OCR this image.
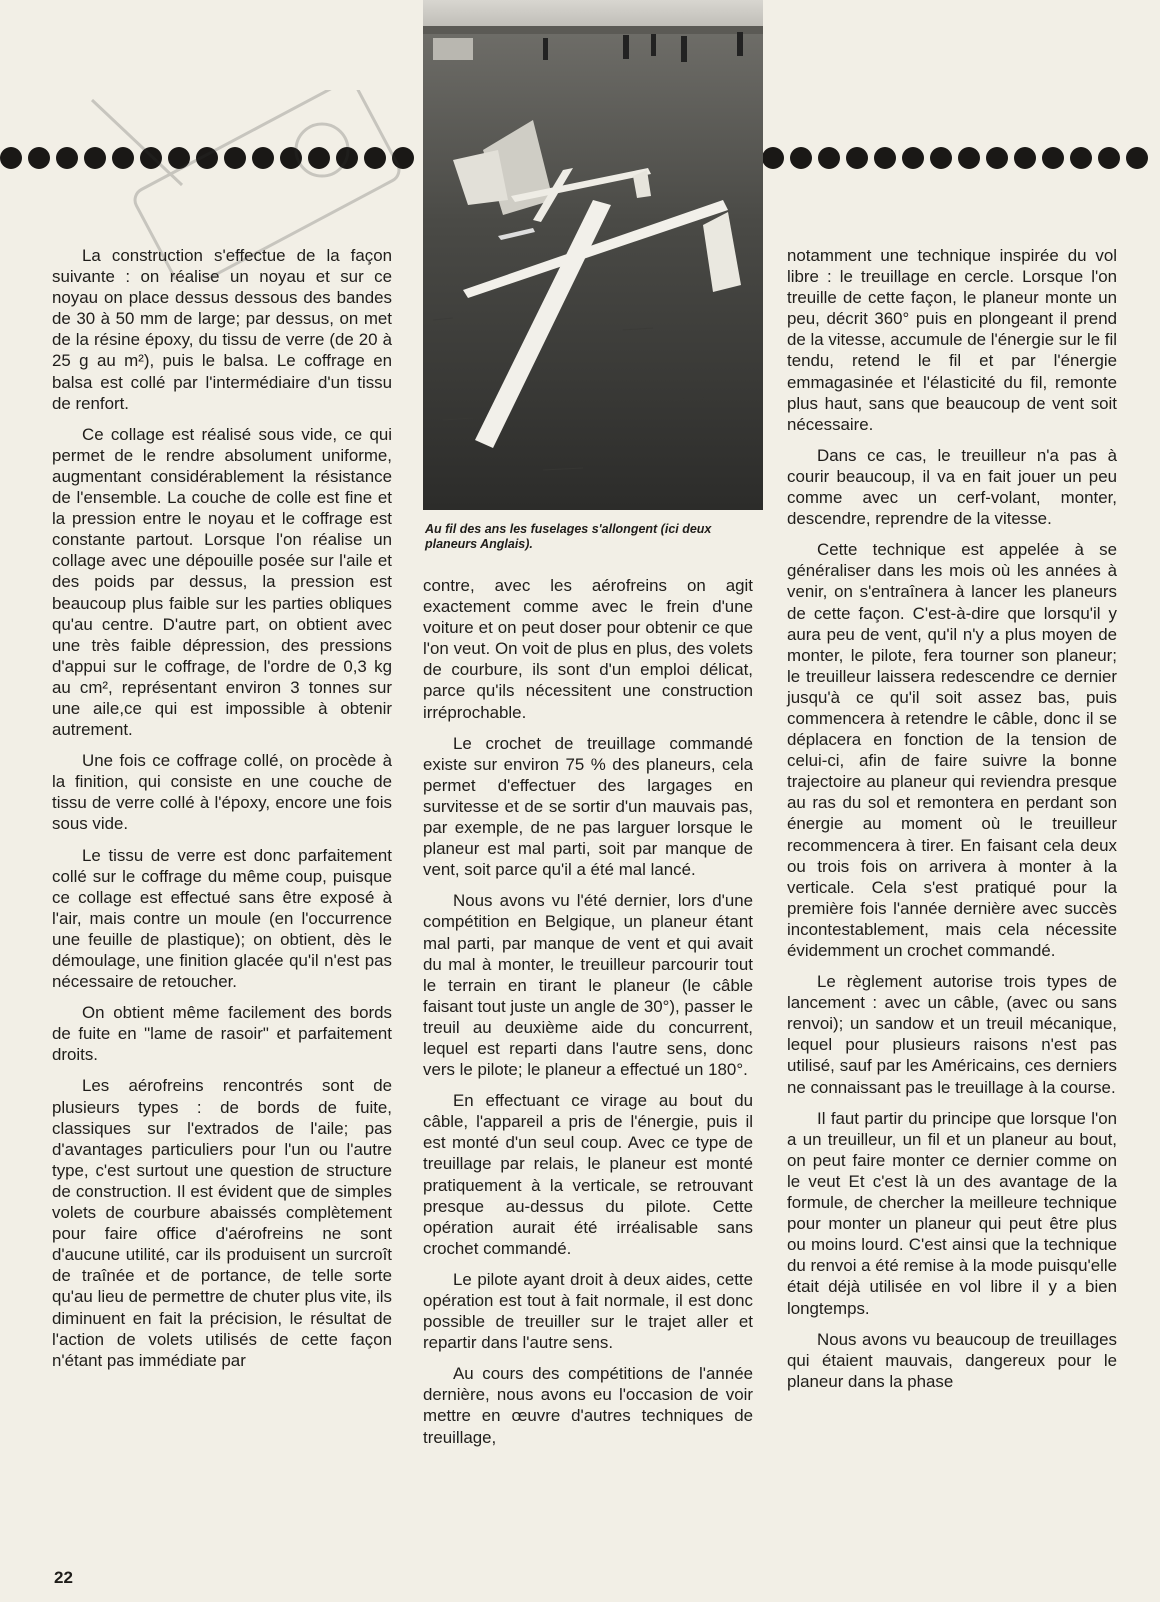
Au fil des ans les fuselages s'allongent (ici deux planeurs Anglais).

La construction s'effectue de la façon suivante : on réalise un noyau et sur ce noyau on place dessus dessous des bandes de 30 à 50 mm de large; par dessus, on met de la résine époxy, du tissu de verre (de 20 à 25 g au m²), puis le balsa. Le coffrage en balsa est collé par l'intermédiaire d'un tissu de renfort.

Ce collage est réalisé sous vide, ce qui permet de le rendre absolument uniforme, augmentant considérablement la résistance de l'ensemble. La couche de colle est fine et la pression entre le noyau et le coffrage est constante partout. Lorsque l'on réalise un collage avec une dépouille posée sur l'aile et des poids par dessus, la pression est beaucoup plus faible sur les parties obliques qu'au centre. D'autre part, on obtient avec une très faible dépression, des pressions d'appui sur le coffrage, de l'ordre de 0,3 kg au cm², représentant environ 3 tonnes sur une aile,ce qui est impossible à obtenir autrement.

Une fois ce coffrage collé, on procède à la finition, qui consiste en une couche de tissu de verre collé à l'époxy, encore une fois sous vide.

Le tissu de verre est donc parfaitement collé sur le coffrage du même coup, puisque ce collage est effectué sans être exposé à l'air, mais contre un moule (en l'occurrence une feuille de plastique); on obtient, dès le démoulage, une finition glacée qu'il n'est pas nécessaire de retoucher.

On obtient même facilement des bords de fuite en "lame de rasoir" et parfaitement droits.

Les aérofreins rencontrés sont de plusieurs types : de bords de fuite, classiques sur l'extrados de l'aile; pas d'avantages particuliers pour l'un ou l'autre type, c'est surtout une question de structure de construction. Il est évident que de simples volets de courbure abaissés complètement pour faire office d'aérofreins ne sont d'aucune utilité, car ils produisent un surcroît de traînée et de portance, de telle sorte qu'au lieu de permettre de chuter plus vite, ils diminuent en fait la précision, le résultat de l'action de volets utilisés de cette façon n'étant pas immédiate par

contre, avec les aérofreins on agit exactement comme avec le frein d'une voiture et on peut doser pour obtenir ce que l'on veut. On voit de plus en plus, des volets de courbure, ils sont d'un emploi délicat, parce qu'ils nécessitent une construction irréprochable.

Le crochet de treuillage commandé existe sur environ 75 % des planeurs, cela permet d'effectuer des largages en survitesse et de se sortir d'un mauvais pas, par exemple, de ne pas larguer lorsque le planeur est mal parti, soit par manque de vent, soit parce qu'il a été mal lancé.

Nous avons vu l'été dernier, lors d'une compétition en Belgique, un planeur étant mal parti, par manque de vent et qui avait du mal à monter, le treuilleur parcourir tout le terrain en tirant le planeur (le câble faisant tout juste un angle de 30°), passer le treuil au deuxième aide du concurrent, lequel est reparti dans l'autre sens, donc vers le pilote; le planeur a effectué un 180°.

En effectuant ce virage au bout du câble, l'appareil a pris de l'énergie, puis il est monté d'un seul coup. Avec ce type de treuillage par relais, le planeur est monté pratiquement à la verticale, se retrouvant presque au-dessus du pilote. Cette opération aurait été irréalisable sans crochet commandé.

Le pilote ayant droit à deux aides, cette opération est tout à fait normale, il est donc possible de treuiller sur le trajet aller et repartir dans l'autre sens.

Au cours des compétitions de l'année dernière, nous avons eu l'occasion de voir mettre en œuvre d'autres techniques de treuillage,

notamment une technique inspirée du vol libre : le treuillage en cercle. Lorsque l'on treuille de cette façon, le planeur monte un peu, décrit 360° puis en plongeant il prend de la vitesse, accumule de l'énergie sur le fil tendu, retend le fil et par l'énergie emmagasinée et l'élasticité du fil, remonte plus haut, sans que beaucoup de vent soit nécessaire.

Dans ce cas, le treuilleur n'a pas à courir beaucoup, il va en fait jouer un peu comme avec un cerf-volant, monter, descendre, reprendre de la vitesse.

Cette technique est appelée à se généraliser dans les mois où les années à venir, on s'entraînera à lancer les planeurs de cette façon. C'est-à-dire que lorsqu'il y aura peu de vent, qu'il n'y a plus moyen de monter, le pilote, fera tourner son planeur; le treuilleur laissera redescendre ce dernier jusqu'à ce qu'il soit assez bas, puis commencera à retendre le câble, donc il se déplacera en fonction de la tension de celui-ci, afin de faire suivre la bonne trajectoire au planeur qui reviendra presque au ras du sol et remontera en perdant son énergie au moment où le treuilleur recommencera à tirer. En faisant cela deux ou trois fois on arrivera à monter à la verticale. Cela s'est pratiqué pour la première fois l'année dernière avec succès incontestablement, mais cela nécessite évidemment un crochet commandé.

Le règlement autorise trois types de lancement : avec un câble, (avec ou sans renvoi); un sandow et un treuil mécanique, lequel pour plusieurs raisons n'est pas utilisé, sauf par les Américains, ces derniers ne connaissant pas le treuillage à la course.

Il faut partir du principe que lorsque l'on a un treuilleur, un fil et un planeur au bout, on peut faire monter ce dernier comme on le veut Et c'est là un des avantage de la formule, de chercher la meilleure technique pour monter un planeur qui peut être plus ou moins lourd. C'est ainsi que la technique du renvoi a été remise à la mode puisqu'elle était déjà utilisée en vol libre il y a bien longtemps.

Nous avons vu beaucoup de treuillages qui étaient mauvais, dangereux pour le planeur dans la phase

22
